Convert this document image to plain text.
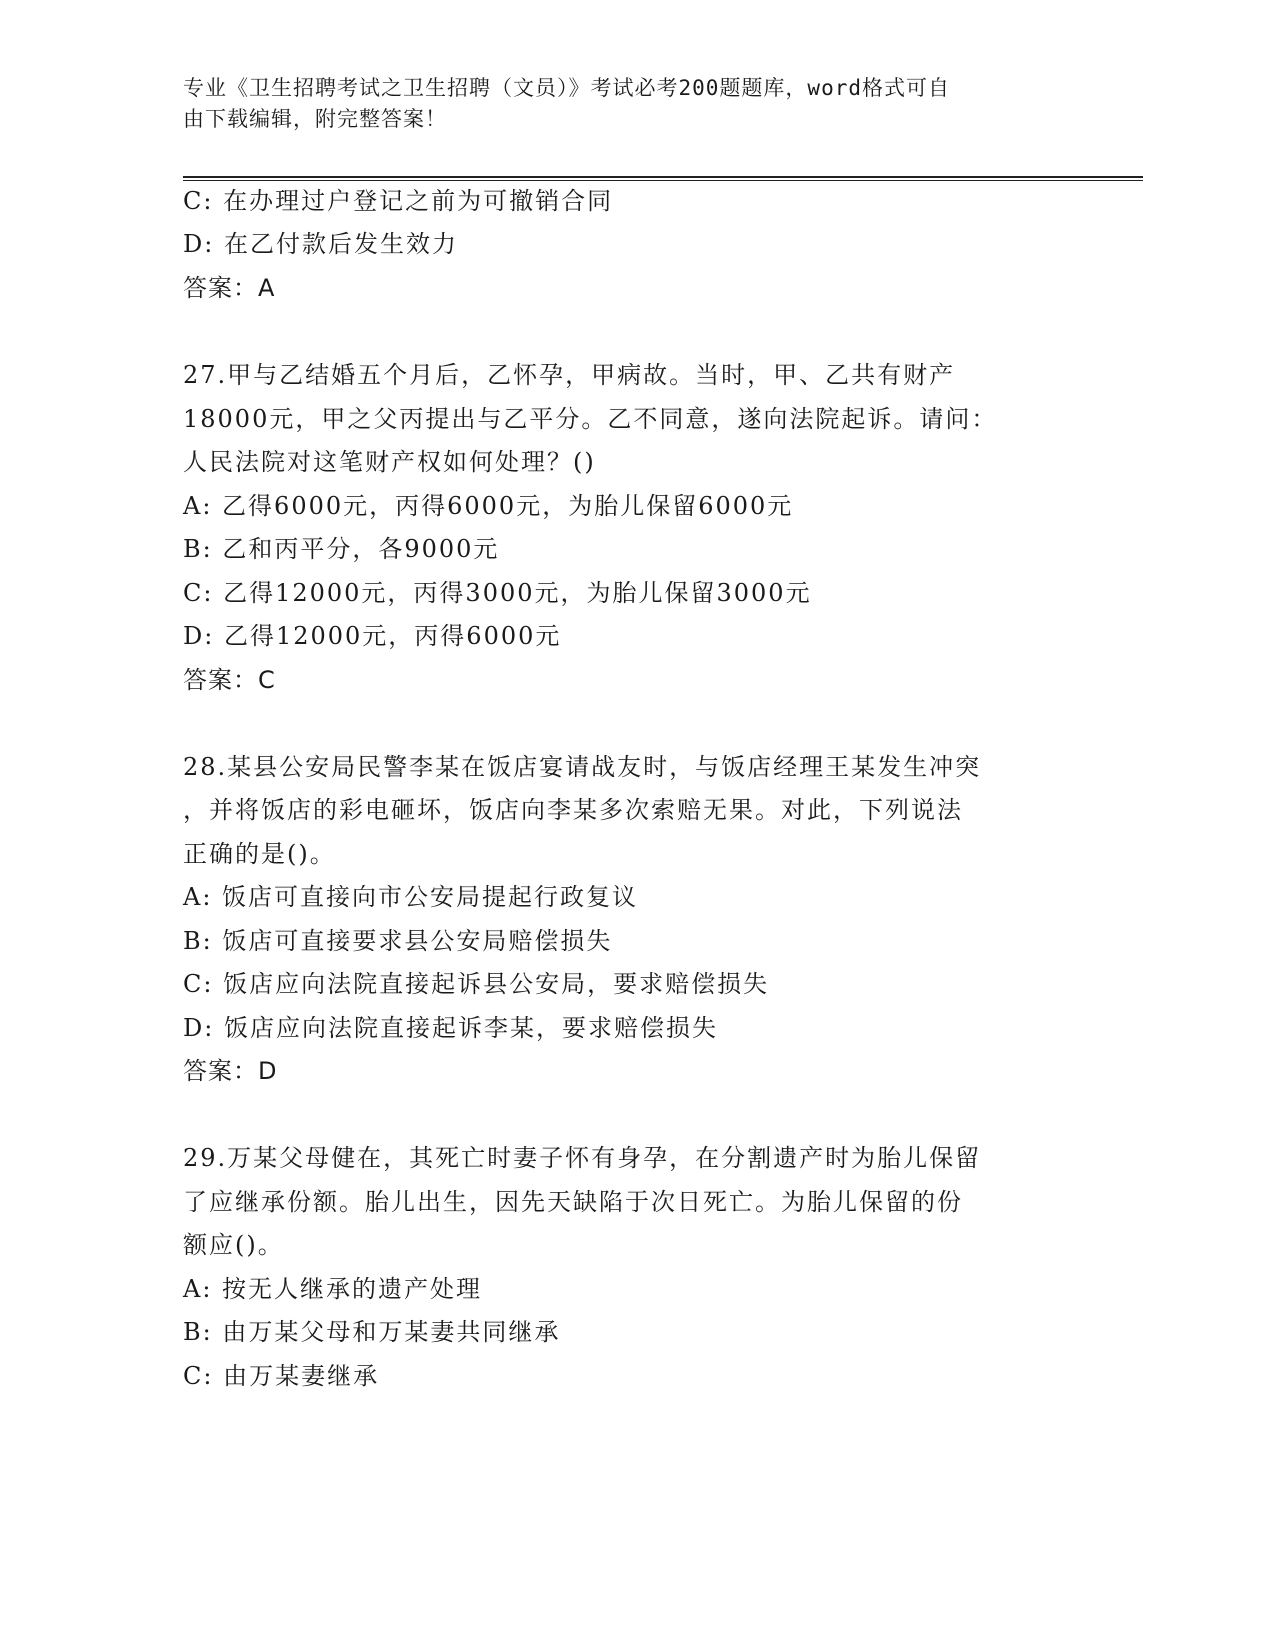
专业《卫生招聘考试之卫生招聘（文员）》考试必考200题题库，word格式可自
由下载编辑，附完整答案！
C: 在办理过户登记之前为可撤销合同
D: 在乙付款后发生效力
答案：A
27.甲与乙结婚五个月后，乙怀孕，甲病故。当时，甲、乙共有财产
18000元，甲之父丙提出与乙平分。乙不同意，遂向法院起诉。请问：
人民法院对这笔财产权如何处理？()
A: 乙得6000元，丙得6000元，为胎儿保留6000元
B: 乙和丙平分，各9000元
C: 乙得12000元，丙得3000元，为胎儿保留3000元
D: 乙得12000元，丙得6000元
答案：C
28.某县公安局民警李某在饭店宴请战友时，与饭店经理王某发生冲突
，并将饭店的彩电砸坏，饭店向李某多次索赔无果。对此，下列说法
正确的是()。
A: 饭店可直接向市公安局提起行政复议
B: 饭店可直接要求县公安局赔偿损失
C: 饭店应向法院直接起诉县公安局，要求赔偿损失
D: 饭店应向法院直接起诉李某，要求赔偿损失
答案：D
29.万某父母健在，其死亡时妻子怀有身孕，在分割遗产时为胎儿保留
了应继承份额。胎儿出生，因先天缺陷于次日死亡。为胎儿保留的份
额应()。
A: 按无人继承的遗产处理
B: 由万某父母和万某妻共同继承
C: 由万某妻继承
